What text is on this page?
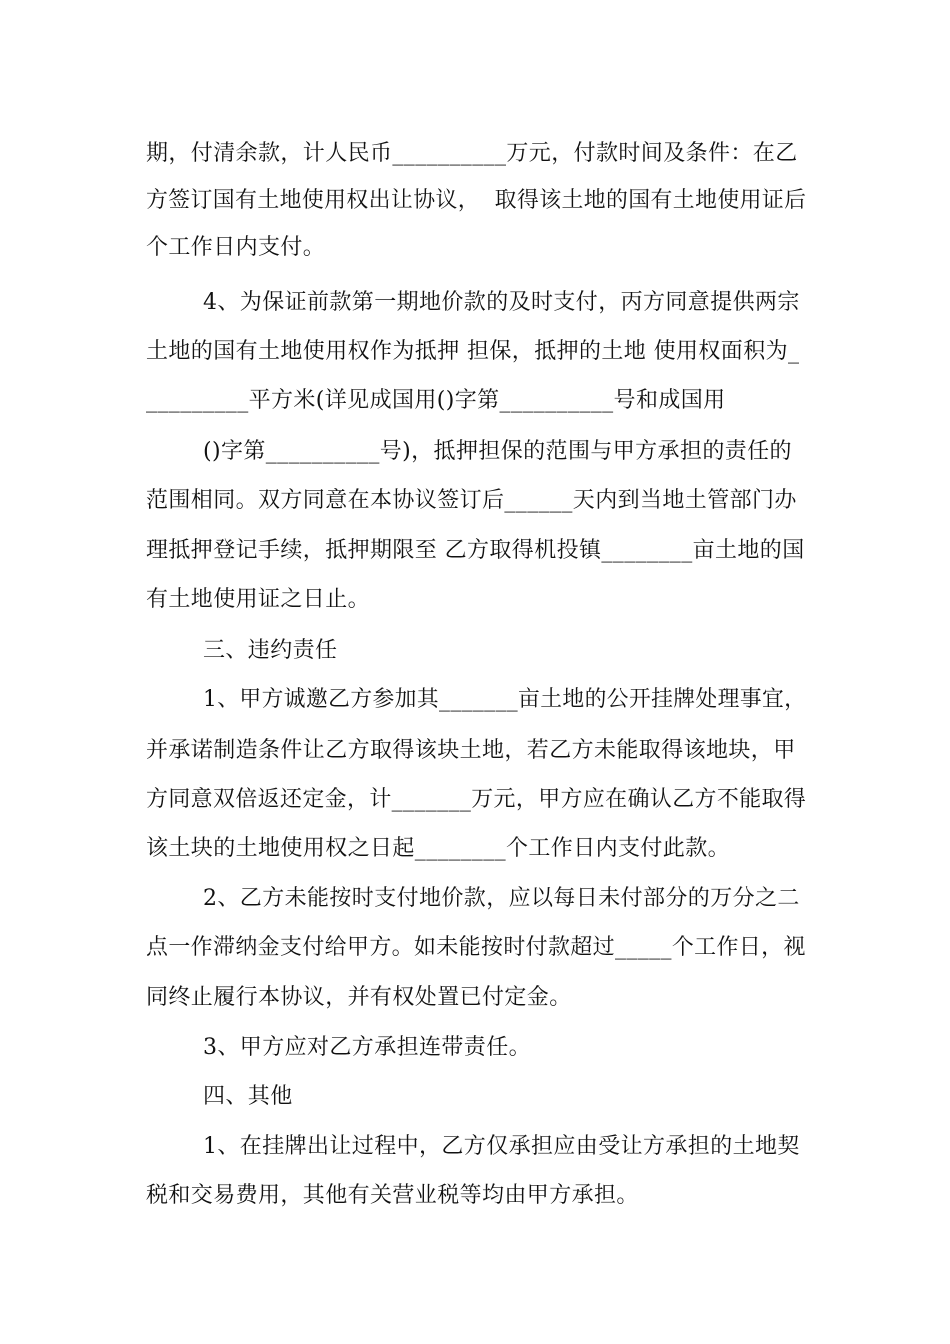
期，付清余款，计人民币__________万元，付款时间及条件：在乙
方签订国有土地使用权出让协议，  取得该土地的国有土地使用证后
个工作日内支付。
4、为保证前款第一期地价款的及时支付，丙方同意提供两宗
土地的国有土地使用权作为抵押 担保，抵押的土地 使用权面积为_
_________平方米(详见成国用()字第__________号和成国用
()字第__________号)，抵押担保的范围与甲方承担的责任的
范围相同。双方同意在本协议签订后______天内到当地土管部门办
理抵押登记手续，抵押期限至 乙方取得机投镇________亩土地的国
有土地使用证之日止。
三、违约责任
1、甲方诚邀乙方参加其_______亩土地的公开挂牌处理事宜，
并承诺制造条件让乙方取得该块土地，若乙方未能取得该地块，甲
方同意双倍返还定金，计_______万元，甲方应在确认乙方不能取得
该土块的土地使用权之日起________个工作日内支付此款。
2、乙方未能按时支付地价款，应以每日未付部分的万分之二
点一作滞纳金支付给甲方。如未能按时付款超过_____个工作日，视
同终止履行本协议，并有权处置已付定金。
3、甲方应对乙方承担连带责任。
四、其他
1、在挂牌出让过程中，乙方仅承担应由受让方承担的土地契
税和交易费用，其他有关营业税等均由甲方承担。
